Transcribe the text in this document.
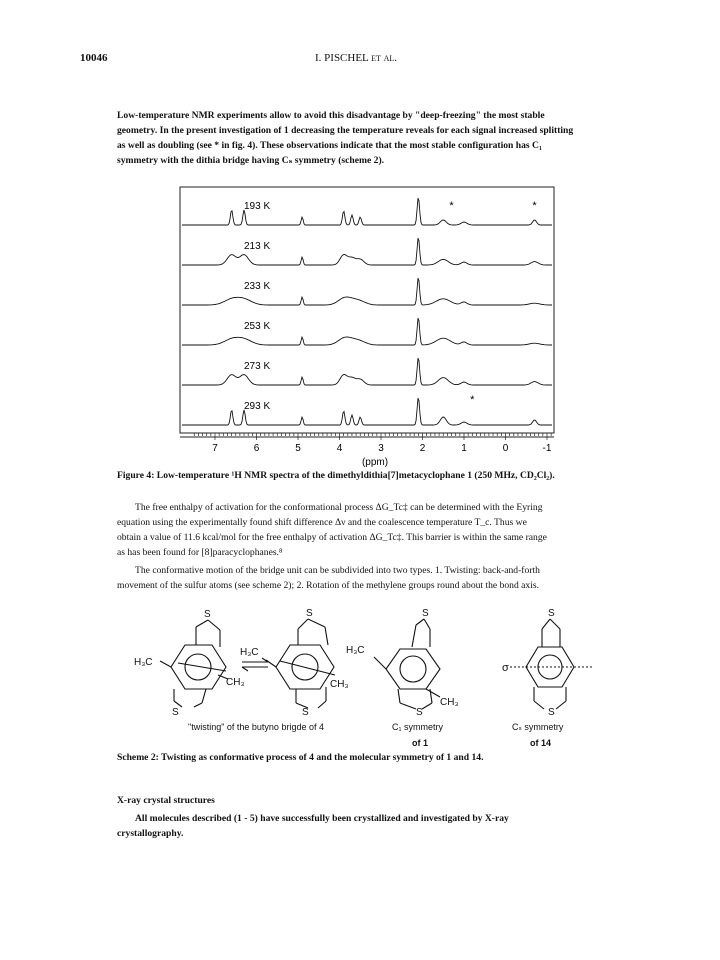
10046	I. PISCHEL et al.
Low-temperature NMR experiments allow to avoid this disadvantage by "deep-freezing" the most stable
geometry. In the present investigation of 1 decreasing the temperature reveals for each signal increased splitting
as well as doubling (see * in fig. 4). These observations indicate that the most stable configuration has C₁
symmetry with the dithia bridge having Cₛ symmetry (scheme 2).
193 K
213 K
233 K
253 K
273 K
293 K
*	*
*
7	6	5	4	3	2	1	0	-1
(ppm)
Figure 4: Low-temperature ¹H NMR spectra of the dimethyldithia[7]metacyclophane 1 (250 MHz, CD₂Cl₂).
The free enthalpy of activation for the conformational process ΔG_Tc‡ can be determined with the Eyring
equation using the experimentally found shift difference Δν and the coalescence temperature T_c. Thus we
obtain a value of 11.6 kcal/mol for the free enthalpy of activation ΔG_Tc‡. This barrier is within the same range
as has been found for [8]paracyclophanes.⁸
The conformative motion of the bridge unit can be subdivided into two types. 1. Twisting: back-and-forth
movement of the sulfur atoms (see scheme 2); 2. Rotation of the methylene groups round about the bond axis.
S
S
H₃C
CH₃
S
S
H₃C
CH₃
S
S
H₃C
CH₃
S
S
σ
"twisting" of the butyno brigde of 4	C₁ symmetry
of 1
Cₛ symmetry
of 14
Scheme 2: Twisting as conformative process of 4 and the molecular symmetry of 1 and 14.
X-ray crystal structures
All molecules described (1 - 5) have successfully been crystallized and investigated by X-ray
crystallography.
